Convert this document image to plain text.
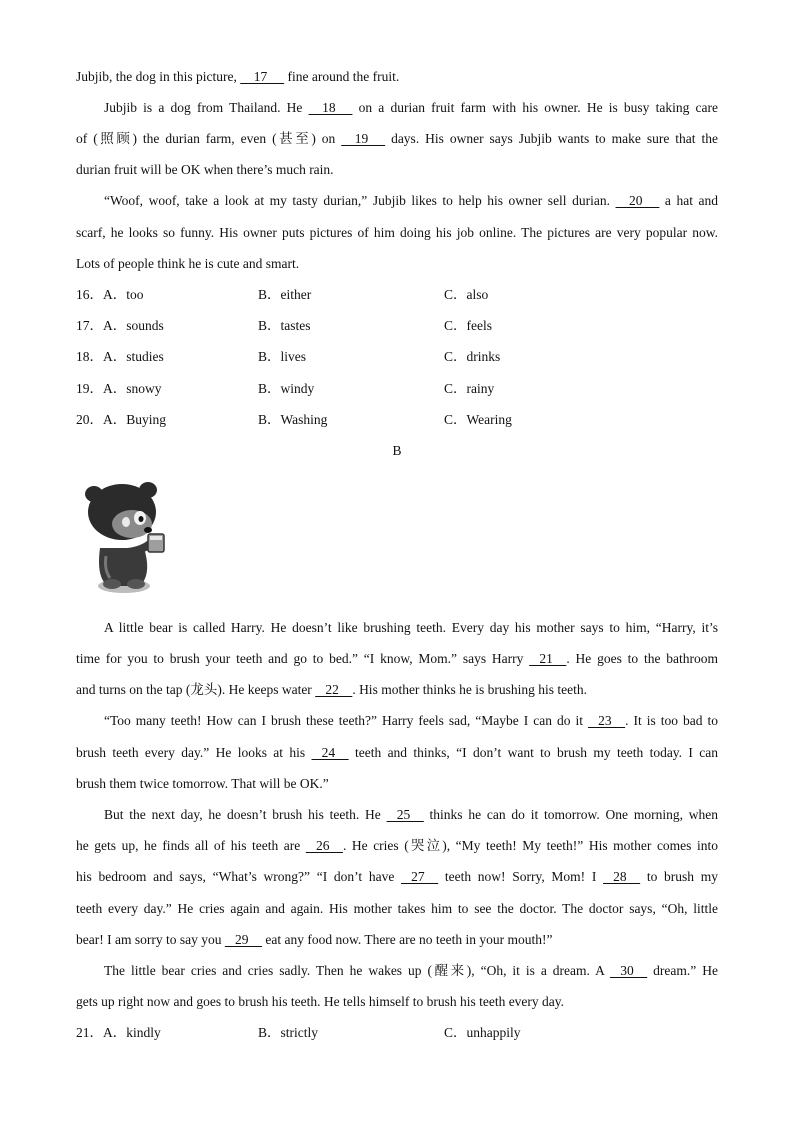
Jubjib, the dog in this picture,     17      fine around the fruit.
Jubjib is a dog from Thailand. He     18      on a durian fruit farm with his owner. He is busy taking care
of (照顾) the durian farm, even (甚至) on     19      days. His owner says Jubjib wants to make sure that the
durian fruit will be OK when there’s much rain.
“Woof, woof, take a look at my tasty durian,” Jubjib likes to help his owner sell durian.     20      a hat and
scarf, he looks so funny. His owner puts pictures of him doing his job online. The pictures are very popular now.
Lots of people think he is cute and smart.
16．A．too	B．either	C．also
17．A．sounds	B．tastes	C．feels
18．A．studies	B．lives	C．drinks
19．A．snowy	B．windy	C．rainy
20．A．Buying	B．Washing	C．Wearing
B
A little bear is called Harry. He doesn’t like brushing teeth. Every day his mother says to him, “Harry, it’s
time for you to brush your teeth and go to bed.” “I know, Mom.” says Harry    21    . He goes to the bathroom
and turns on the tap (龙头). He keeps water    22    . His mother thinks he is brushing his teeth.
“Too many teeth! How can I brush these teeth?” Harry feels sad, “Maybe I can do it    23    . It is too bad to
brush teeth every day.” He looks at his    24     teeth and thinks, “I don’t want to brush my teeth today. I can
brush them twice tomorrow. That will be OK.”
But the next day, he doesn’t brush his teeth. He    25     thinks he can do it tomorrow. One morning, when
he gets up, he finds all of his teeth are    26    . He cries (哭泣), “My teeth! My teeth!” His mother comes into
his bedroom and says, “What’s wrong?” “I don’t have    27     teeth now! Sorry, Mom! I    28     to brush my
teeth every day.” He cries again and again. His mother takes him to see the doctor. The doctor says, “Oh, little
bear! I am sorry to say you    29     eat any food now. There are no teeth in your mouth!”
The little bear cries and cries sadly. Then he wakes up (醒来), “Oh, it is a dream. A    30     dream.” He
gets up right now and goes to brush his teeth. He tells himself to brush his teeth every day.
21．A．kindly	B．strictly	C．unhappily
